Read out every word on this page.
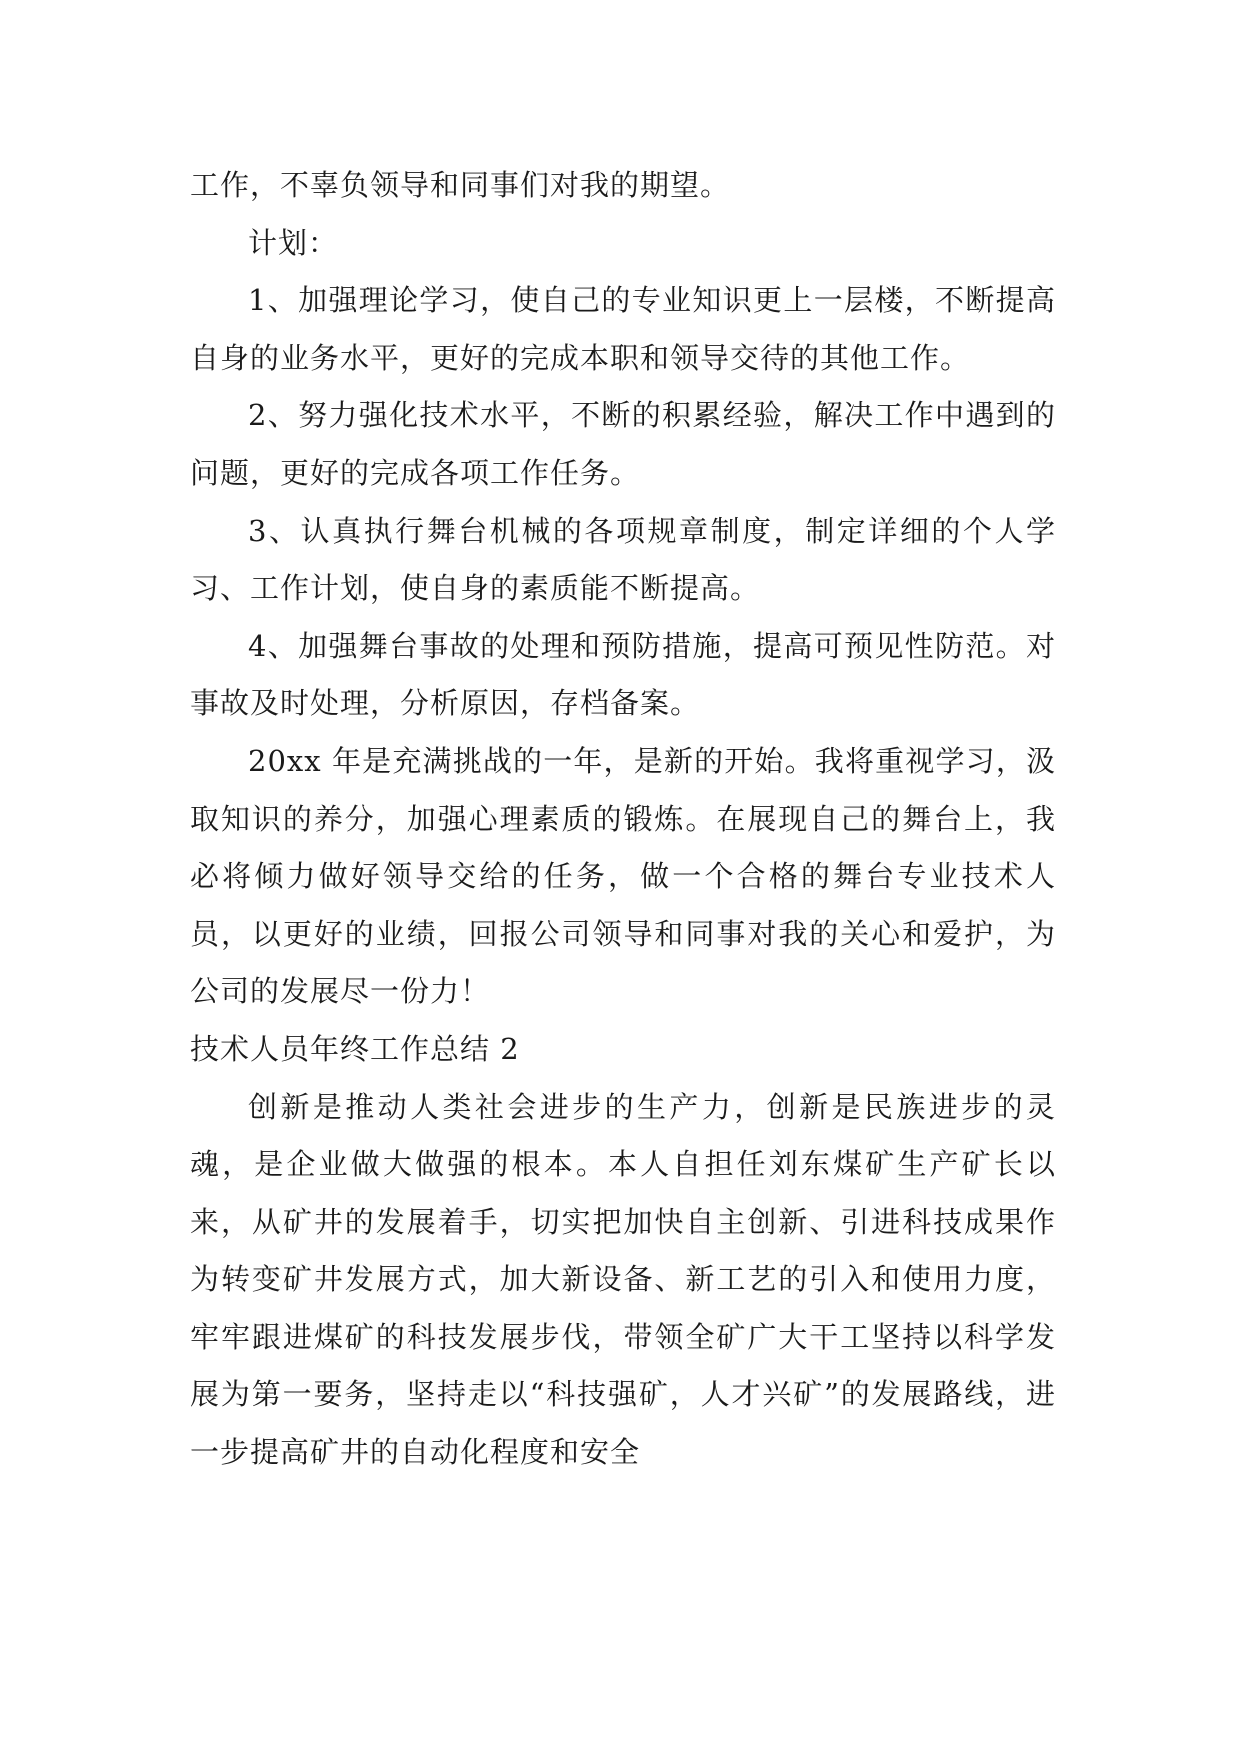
工作，不辜负领导和同事们对我的期望。

计划：

1、加强理论学习，使自己的专业知识更上一层楼，不断提高自身的业务水平，更好的完成本职和领导交待的其他工作。

2、努力强化技术水平，不断的积累经验，解决工作中遇到的问题，更好的完成各项工作任务。

3、认真执行舞台机械的各项规章制度，制定详细的个人学习、工作计划，使自身的素质能不断提高。

4、加强舞台事故的处理和预防措施，提高可预见性防范。对事故及时处理，分析原因，存档备案。

20xx 年是充满挑战的一年，是新的开始。我将重视学习，汲取知识的养分，加强心理素质的锻炼。在展现自己的舞台上，我必将倾力做好领导交给的任务，做一个合格的舞台专业技术人员，以更好的业绩，回报公司领导和同事对我的关心和爱护，为公司的发展尽一份力！

技术人员年终工作总结 2

创新是推动人类社会进步的生产力，创新是民族进步的灵魂，是企业做大做强的根本。本人自担任刘东煤矿生产矿长以来，从矿井的发展着手，切实把加快自主创新、引进科技成果作为转变矿井发展方式，加大新设备、新工艺的引入和使用力度，牢牢跟进煤矿的科技发展步伐，带领全矿广大干工坚持以科学发展为第一要务，坚持走以“科技强矿，人才兴矿”的发展路线，进一步提高矿井的自动化程度和安全
